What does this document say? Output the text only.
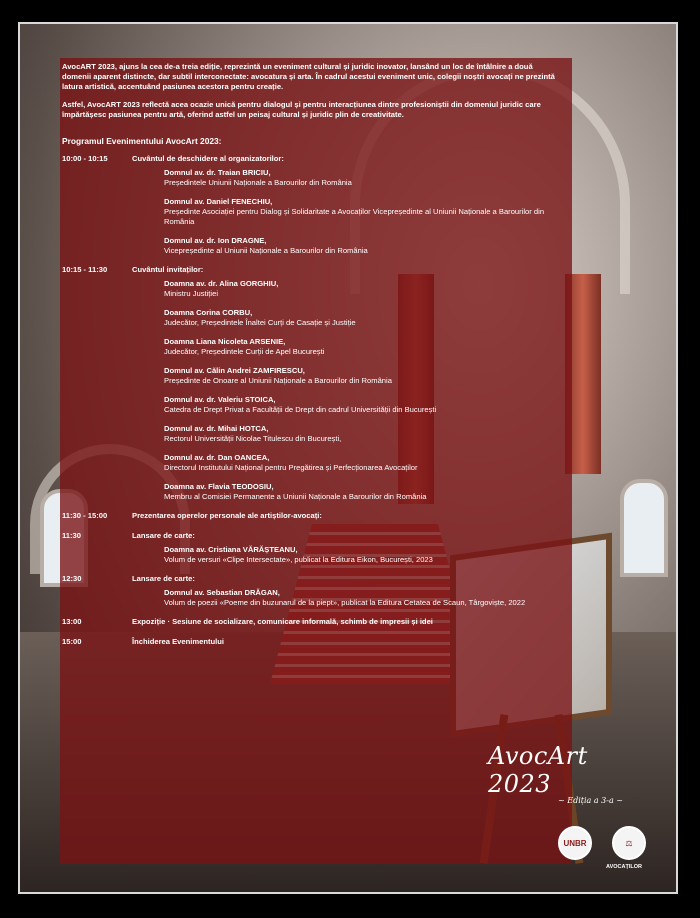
AvocART 2023, ajuns la cea de-a treia ediție, reprezintă un eveniment cultural și juridic inovator, lansând un loc de întâlnire a două domenii aparent distincte, dar subtil interconectate: avocatura și arta. În cadrul acestui eveniment unic, colegii noștri avocați ne prezintă latura artistică, accentuând pasiunea acestora pentru creație.

Astfel, AvocART 2023 reflectă acea ocazie unică pentru dialogul și pentru interacțiunea dintre profesioniștii din domeniul juridic care împărtășesc pasiunea pentru artă, oferind astfel un peisaj cultural și juridic plin de creativitate.

Programul Evenimentului AvocArt 2023:
10:00 - 10:15	Cuvântul de deschidere al organizatorilor:
Domnul av. dr. Traian BRICIU,
Președintele Uniunii Naționale a Barourilor din România
Domnul av. Daniel FENECHIU,
Președinte Asociației pentru Dialog și Solidaritate a Avocaților Vicepreședinte al Uniunii Naționale a Barourilor din România
Domnul av. dr. Ion DRAGNE,
Vicepreședinte al Uniunii Naționale a Barourilor din România
10:15 - 11:30	Cuvântul invitaților:
Doamna av. dr. Alina GORGHIU,
Ministru Justiției
Doamna Corina CORBU,
Judecător, Președintele Înaltei Curți de Casație și Justiție
Doamna Liana Nicoleta ARSENIE,
Judecător, Președintele Curții de Apel București
Domnul av. Călin Andrei ZAMFIRESCU,
Președinte de Onoare al Uniunii Naționale a Barourilor din România
Domnul av. dr. Valeriu STOICA,
Catedra de Drept Privat a Facultății de Drept din cadrul Universității din București
Domnul av. dr. Mihai HOTCA,
Rectorul Universității Nicolae Titulescu din București,
Domnul av. dr. Dan OANCEA,
Directorul Institutului Național pentru Pregătirea și Perfecționarea Avocaților
Doamna av. Flavia TEODOSIU,
Membru al Comisiei Permanente a Uniunii Naționale a Barourilor din România
11:30 - 15:00	Prezentarea operelor personale ale artiștilor-avocați:
11:30	Lansare de carte:
Doamna av. Cristiana VĂRĂȘTEANU,
Volum de versuri «Clipe Intersectate», publicat la Editura Eikon, București, 2023
12:30	Lansare de carte:
Domnul av. Sebastian DRĂGAN,
Volum de poezii «Poeme din buzunarul de la piept», publicat la Editura Cetatea de Scaun, Târgoviște, 2022
13:00	Expoziție · Sesiune de socializare, comunicare informală, schimb de impresii și idei
15:00	Închiderea Evenimentului
AvocArt 2023
~ Ediția a 3-a ~
UNBR	⚖
AVOCAȚILOR
